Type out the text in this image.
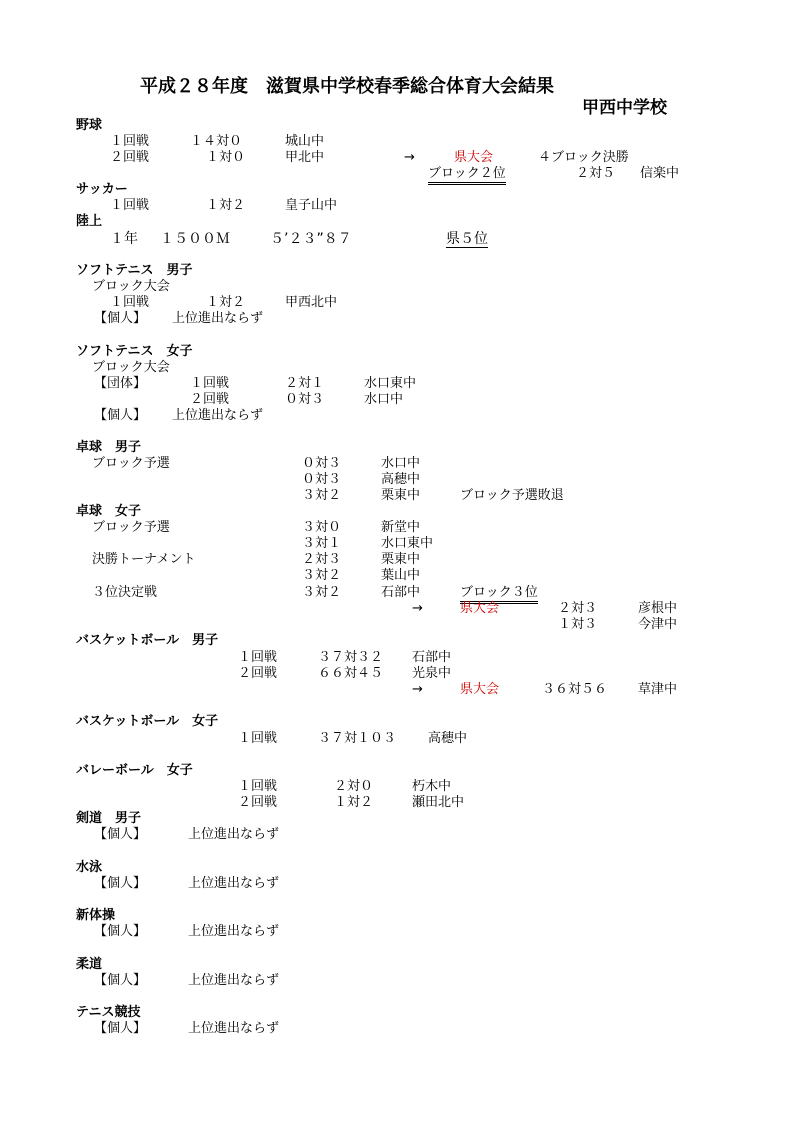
平成２８年度　滋賀県中学校春季総合体育大会結果
甲西中学校
野球
１回戦	１４対０	城山中
２回戦	１対０	甲北中	→	県大会	４ブロック決勝
ブロック２位	２対５ 信楽中
サッカー
１回戦	１対２	皇子山中
陸上
１年 １５００Ｍ	５’２３”８７	県５位
ソフトテニス　男子
ブロック大会
１回戦	１対２	甲西北中
【個人】 上位進出ならず
ソフトテニス　女子
ブロック大会
【団体】	１回戦	２対１	水口東中
２回戦	０対３	水口中
【個人】 上位進出ならず
卓球　男子
ブロック予選	０対３	水口中
０対３	高穂中
３対２	栗東中	ブロック予選敗退
卓球　女子
ブロック予選	３対０	新堂中
３対１	水口東中
決勝トーナメント	２対３	栗東中
３対２	葉山中
３位決定戦	３対２	石部中	ブロック３位
→	県大会	２対３	彦根中
１対３	今津中
バスケットボール　男子
１回戦	３７対３２ 石部中
２回戦	６６対４５ 光泉中
→	県大会	３６対５６ 草津中
バスケットボール　女子
１回戦	３７対１０３ 高穂中
バレーボール　女子
１回戦	２対０	朽木中
２回戦	１対２	瀬田北中
剣道　男子
【個人】	上位進出ならず
水泳
【個人】	上位進出ならず
新体操
【個人】	上位進出ならず
柔道
【個人】	上位進出ならず
テニス競技
【個人】	上位進出ならず
